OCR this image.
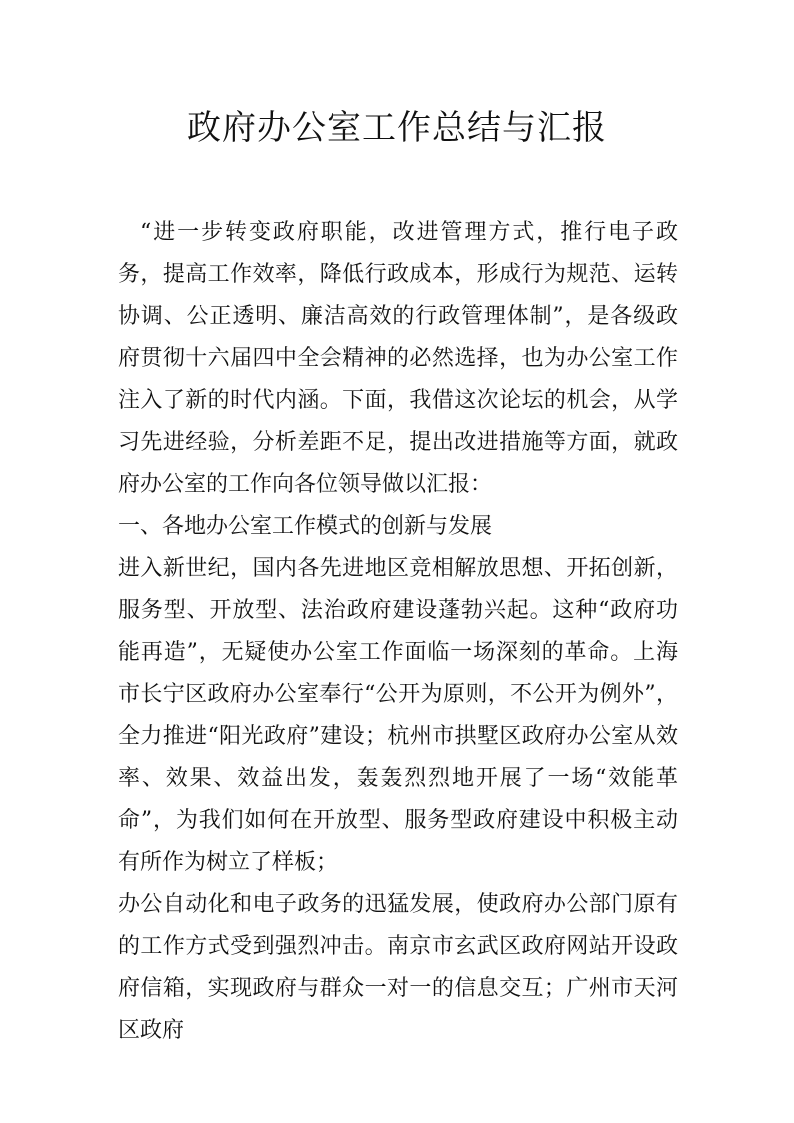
政府办公室工作总结与汇报

“进一步转变政府职能，改进管理方式，推行电子政务，提高工作效率，降低行政成本，形成行为规范、运转协调、公正透明、廉洁高效的行政管理体制”，是各级政府贯彻十六届四中全会精神的必然选择，也为办公室工作注入了新的时代内涵。下面，我借这次论坛的机会，从学习先进经验，分析差距不足，提出改进措施等方面，就政府办公室的工作向各位领导做以汇报：

一、各地办公室工作模式的创新与发展

进入新世纪，国内各先进地区竞相解放思想、开拓创新，服务型、开放型、法治政府建设蓬勃兴起。这种“政府功能再造”，无疑使办公室工作面临一场深刻的革命。上海市长宁区政府办公室奉行“公开为原则，不公开为例外”，全力推进“阳光政府”建设；杭州市拱墅区政府办公室从效率、效果、效益出发，轰轰烈烈地开展了一场“效能革命”，为我们如何在开放型、服务型政府建设中积极主动有所作为树立了样板；

办公自动化和电子政务的迅猛发展，使政府办公部门原有的工作方式受到强烈冲击。南京市玄武区政府网站开设政府信箱，实现政府与群众一对一的信息交互；广州市天河区政府
